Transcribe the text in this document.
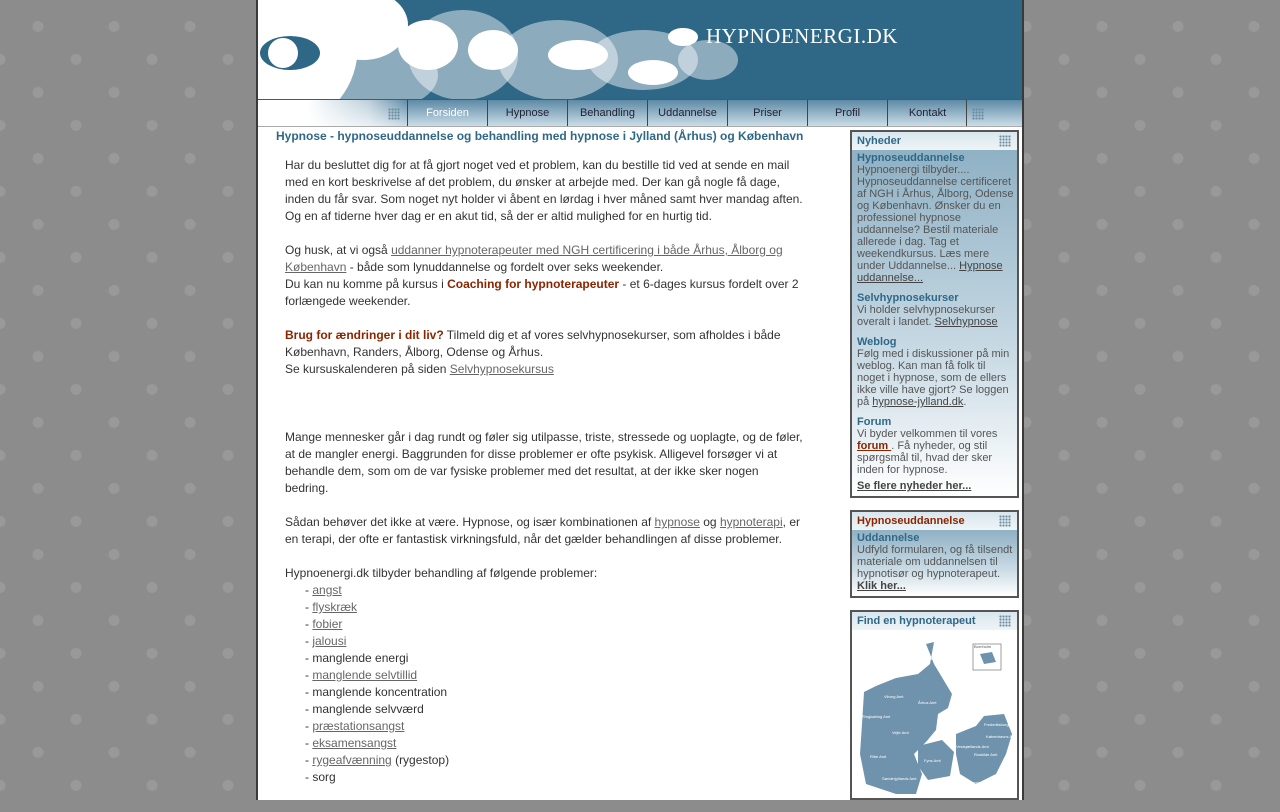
HYPNOENERGI.DK
Forsiden	Hypnose	Behandling	Uddannelse	Priser	Profil	Kontakt
Hypnose - hypnoseuddannelse og behandling med hypnose i Jylland (Århus) og København

Har du besluttet dig for at få gjort noget ved et problem, kan du bestille tid ved at sende en mail med en kort beskrivelse af det problem, du ønsker at arbejde med. Der kan gå nogle få dage, inden du får svar. Som noget nyt holder vi åbent en lørdag i hver måned samt hver mandag aften.

Og en af tiderne hver dag er en akut tid, så der er altid mulighed for en hurtig tid.

Og husk, at vi også uddanner hypnoterapeuter med NGH certificering i både Århus, Ålborg og København - både som lynuddannelse og fordelt over seks weekender.

Du kan nu komme på kursus i Coaching for hypnoterapeuter - et 6-dages kursus fordelt over 2 forlængede weekender.

Brug for ændringer i dit liv? Tilmeld dig et af vores selvhypnosekurser, som afholdes i både København, Randers, Ålborg, Odense og Århus.

Se kursuskalenderen på siden Selvhypnosekursus

Mange mennesker går i dag rundt og føler sig utilpasse, triste, stressede og uoplagte, og de føler, at de mangler energi. Baggrunden for disse problemer er ofte psykisk. Alligevel forsøger vi at behandle dem, som om de var fysiske problemer med det resultat, at der ikke sker nogen bedring.

Sådan behøver det ikke at være. Hypnose, og især kombinationen af hypnose og hypnoterapi, er en terapi, der ofte er fantastisk virkningsfuld, når det gælder behandlingen af disse problemer.

Hypnoenergi.dk tilbyder behandling af følgende problemer:

- angst
- flyskræk
- fobier
- jalousi
- manglende energi
- manglende selvtillid
- manglende koncentration
- manglende selvværd
- præstationsangst
- eksamensangst
- rygeafvænning (rygestop)
- sorg
Nyheder
Hypnoseuddannelse
Hypnoenergi tilbyder.... Hypnoseuddannelse certificeret af NGH i Århus, Ålborg, Odense og København. Ønsker du en professionel hypnose uddannelse? Bestil materiale allerede i dag. Tag et weekendkursus. Læs mere under Uddannelse... Hypnose uddannelse...
Selvhypnosekurser
Vi holder selvhypnosekurser overalt i landet. Selvhypnose
Weblog
Følg med i diskussioner på min weblog. Kan man få folk til noget i hypnose, som de ellers ikke ville have gjort? Se loggen på hypnose-jylland.dk.
Forum
Vi byder velkommen til vores forum . Få nyheder, og stil spørgsmål til, hvad der sker inden for hypnose.
Se flere nyheder her...
Hypnoseuddannelse
Uddannelse
Udfyld formularen, og få tilsendt materiale om uddannelsen til hypnotisør og hypnoterapeut.
Klik her...
Find en hypnoterapeut
Bornholm
Nordjyllands Amt
Viborg Amt
Århus Amt
Ringkøbing Amt
Vejle Amt
Ribe Amt
Fyns Amt
Sønderjyllands Amt
Vestsjællands Amt
Frederiksborg Amt
Københavns Amt
Roskilde Amt
Storstrøms Amt
